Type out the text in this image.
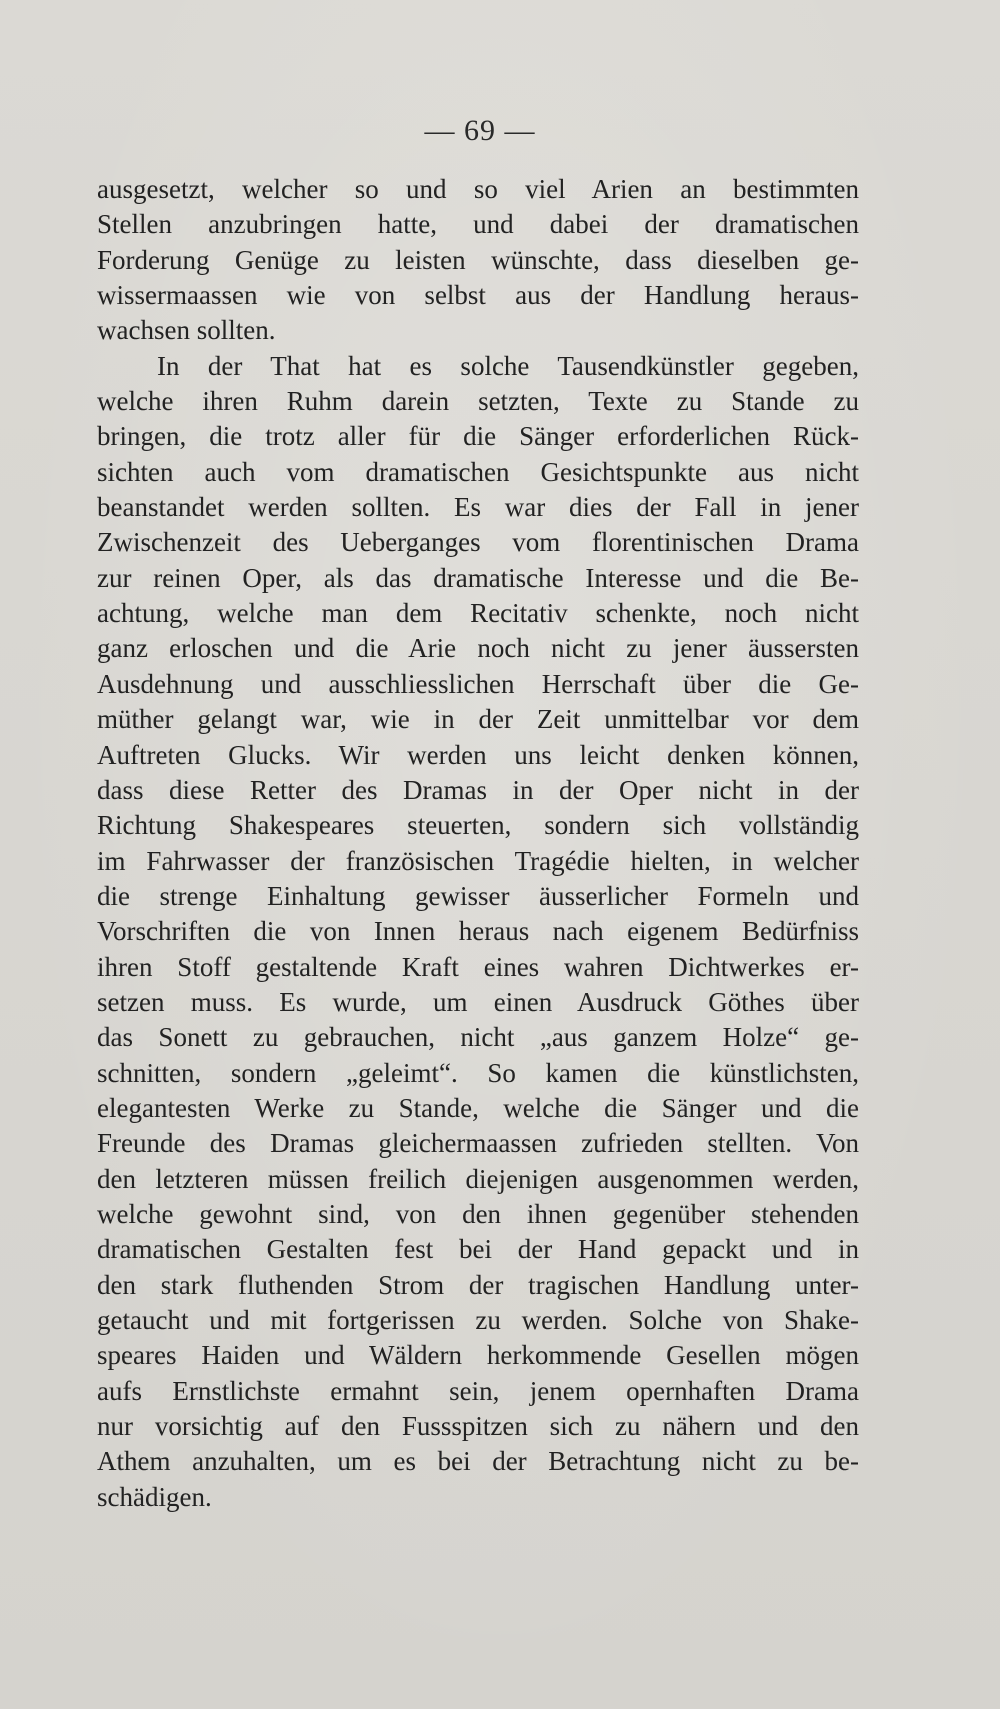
— 69 —
ausgesetzt, welcher so und so viel Arien an bestimmten
Stellen anzubringen hatte, und dabei der dramatischen
Forderung Genüge zu leisten wünschte, dass dieselben ge-
wissermaassen wie von selbst aus der Handlung heraus-
wachsen sollten.
In der That hat es solche Tausendkünstler gegeben,
welche ihren Ruhm darein setzten, Texte zu Stande zu
bringen, die trotz aller für die Sänger erforderlichen Rück-
sichten auch vom dramatischen Gesichtspunkte aus nicht
beanstandet werden sollten. Es war dies der Fall in jener
Zwischenzeit des Ueberganges vom florentinischen Drama
zur reinen Oper, als das dramatische Interesse und die Be-
achtung, welche man dem Recitativ schenkte, noch nicht
ganz erloschen und die Arie noch nicht zu jener äussersten
Ausdehnung und ausschliesslichen Herrschaft über die Ge-
müther gelangt war, wie in der Zeit unmittelbar vor dem
Auftreten Glucks. Wir werden uns leicht denken können,
dass diese Retter des Dramas in der Oper nicht in der
Richtung Shakespeares steuerten, sondern sich vollständig
im Fahrwasser der französischen Tragédie hielten, in welcher
die strenge Einhaltung gewisser äusserlicher Formeln und
Vorschriften die von Innen heraus nach eigenem Bedürfniss
ihren Stoff gestaltende Kraft eines wahren Dichtwerkes er-
setzen muss. Es wurde, um einen Ausdruck Göthes über
das Sonett zu gebrauchen, nicht „aus ganzem Holze“ ge-
schnitten, sondern „geleimt“. So kamen die künstlichsten,
elegantesten Werke zu Stande, welche die Sänger und die
Freunde des Dramas gleichermaassen zufrieden stellten. Von
den letzteren müssen freilich diejenigen ausgenommen werden,
welche gewohnt sind, von den ihnen gegenüber stehenden
dramatischen Gestalten fest bei der Hand gepackt und in
den stark fluthenden Strom der tragischen Handlung unter-
getaucht und mit fortgerissen zu werden. Solche von Shake-
speares Haiden und Wäldern herkommende Gesellen mögen
aufs Ernstlichste ermahnt sein, jenem opernhaften Drama
nur vorsichtig auf den Fussspitzen sich zu nähern und den
Athem anzuhalten, um es bei der Betrachtung nicht zu be-
schädigen.
